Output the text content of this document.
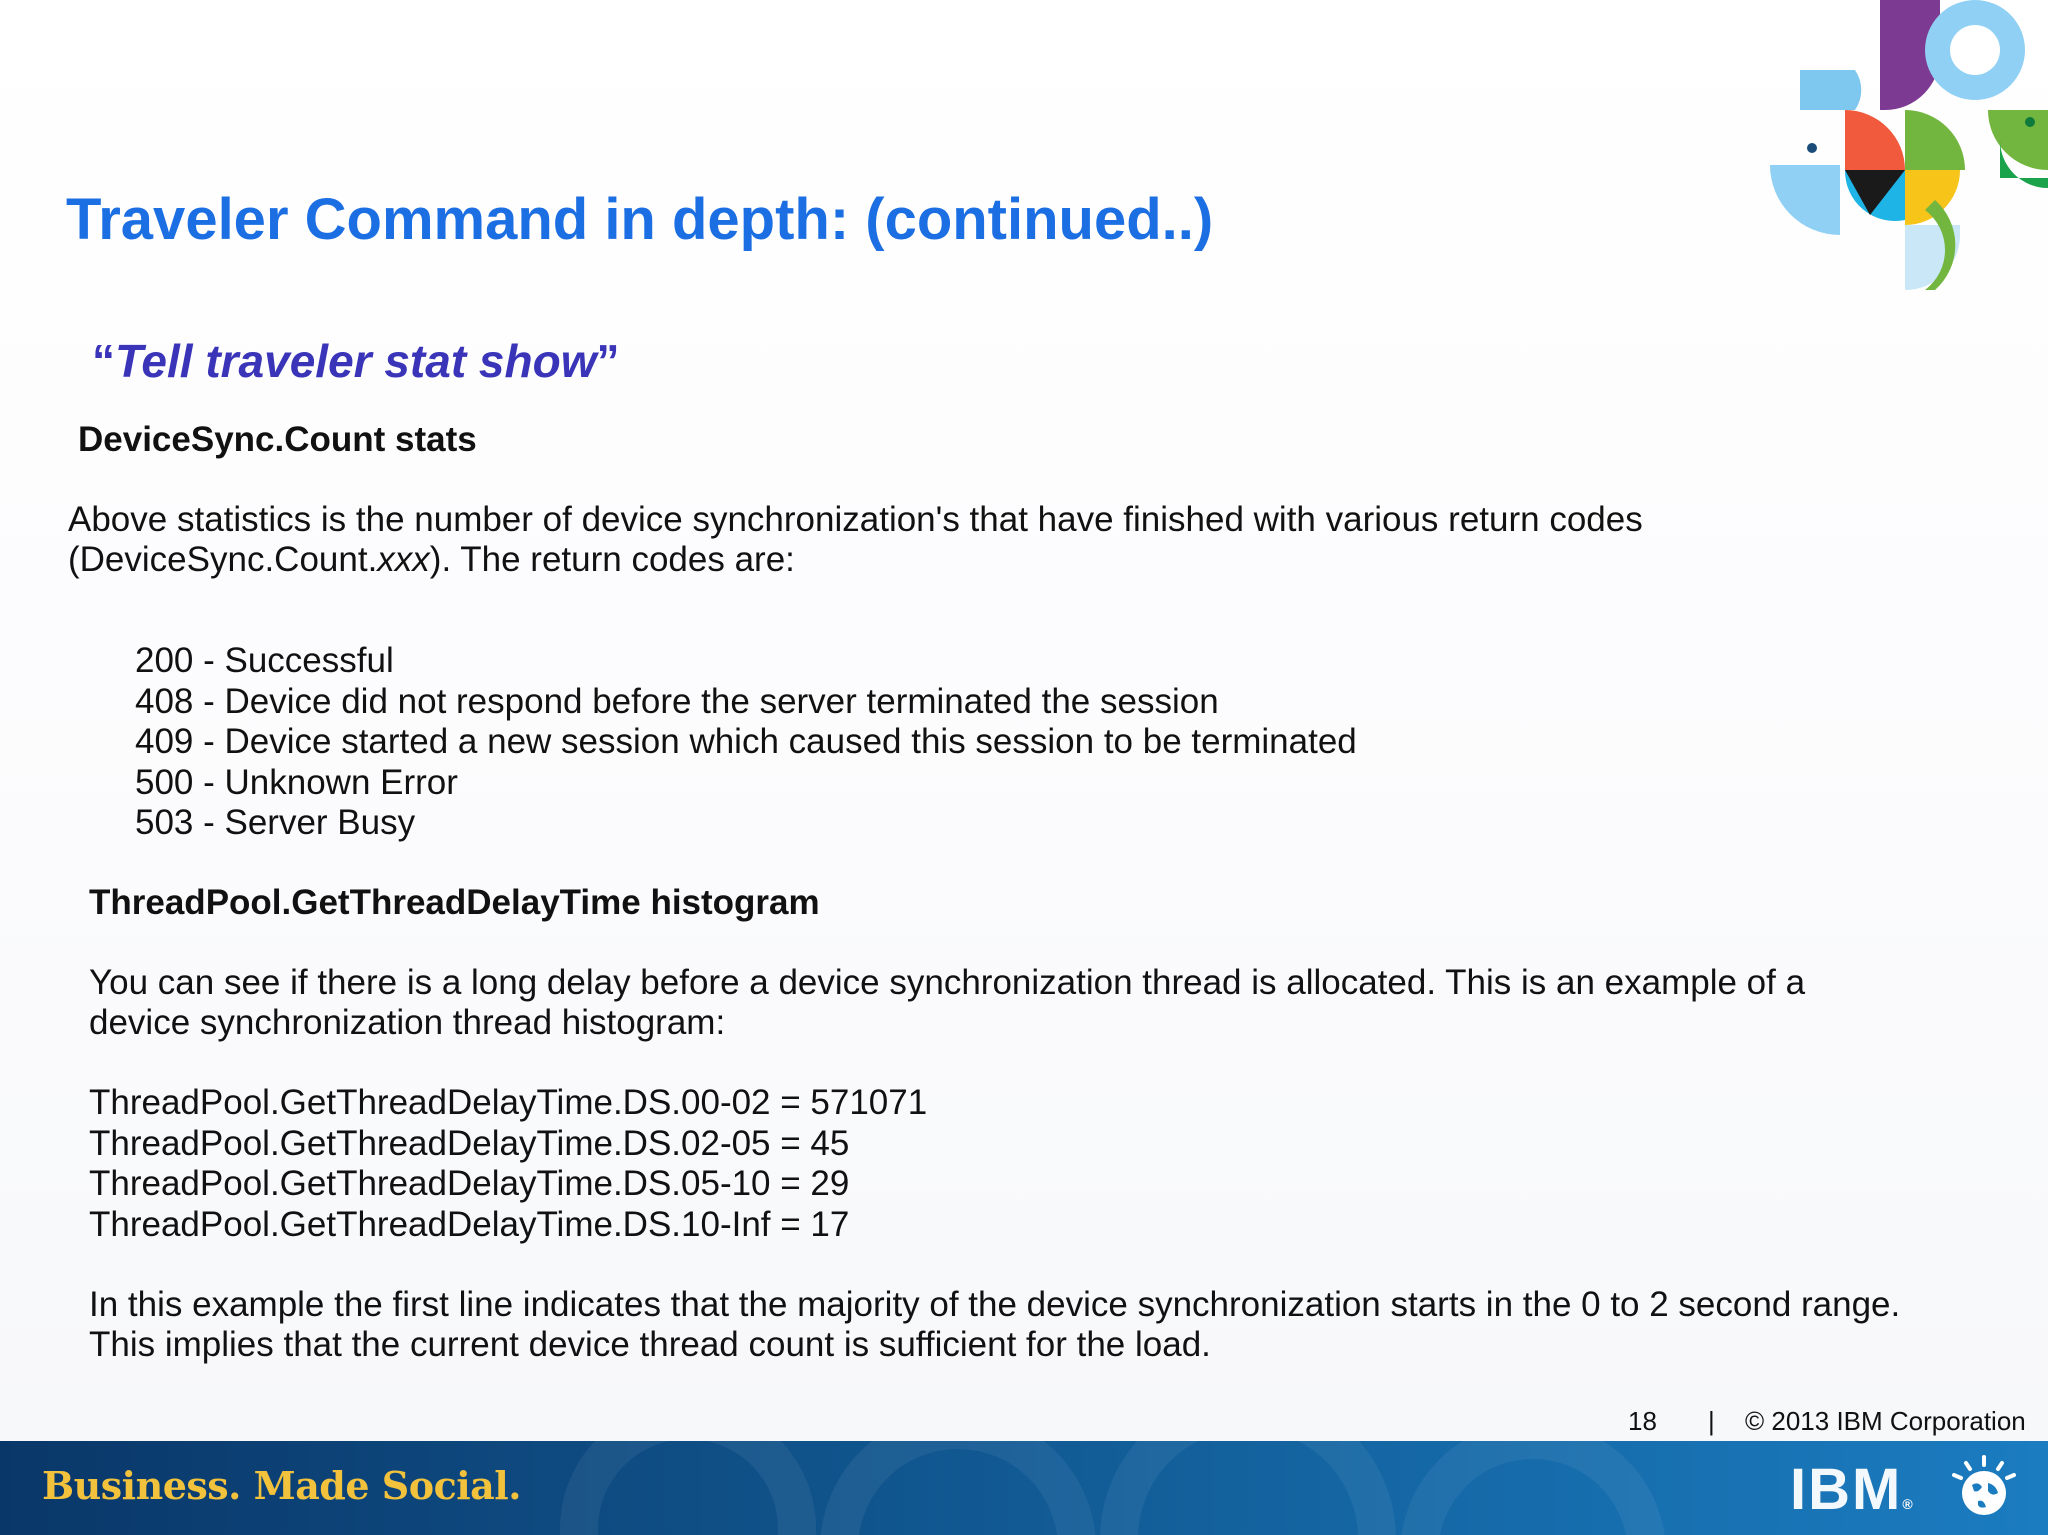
Traveler Command in depth: (continued..)
“Tell traveler stat show”
DeviceSync.Count stats
Above statistics is the number of device synchronization's that have finished with various return codes
(DeviceSync.Count.xxx). The return codes are:
200 - Successful
408 - Device did not respond before the server terminated the session
409 - Device started a new session which caused this session to be terminated
500 - Unknown Error
503 - Server Busy
ThreadPool.GetThreadDelayTime histogram
You can see if there is a long delay before a device synchronization thread is allocated. This is an example of a
device synchronization thread histogram:
ThreadPool.GetThreadDelayTime.DS.00-02 = 571071
ThreadPool.GetThreadDelayTime.DS.02-05 = 45
ThreadPool.GetThreadDelayTime.DS.05-10 = 29
ThreadPool.GetThreadDelayTime.DS.10-Inf = 17
In this example the first line indicates that the majority of the device synchronization starts in the 0 to 2 second range.
This implies that the current device thread count is sufficient for the load.
18 | © 2013 IBM Corporation
Business. Made Social.	IBM®
